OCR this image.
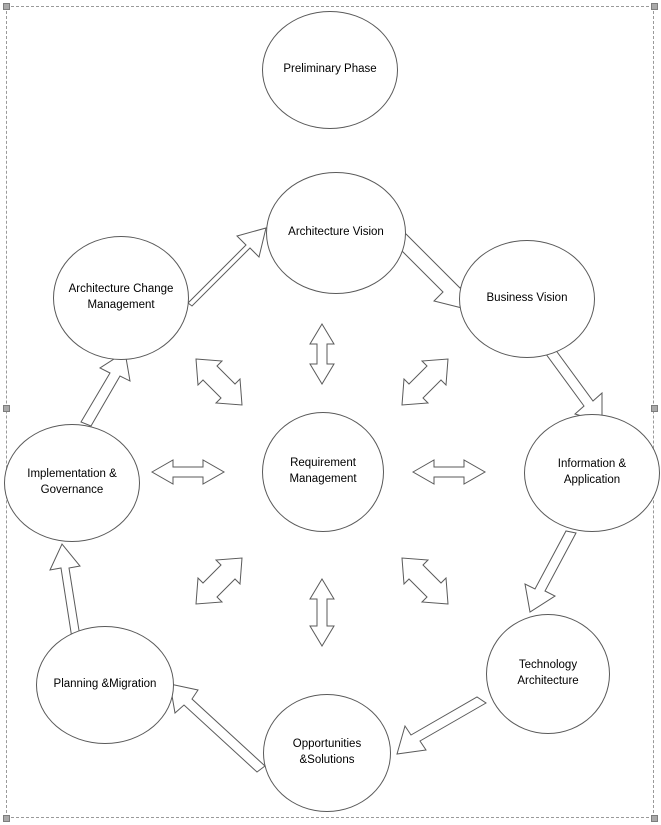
Preliminary Phase
Architecture Vision
Business Vision
Information &
Application
Technology
Architecture
Opportunities
&Solutions
Planning &Migration
Implementation &
Governance
Architecture Change
Management
Requirement
Management
